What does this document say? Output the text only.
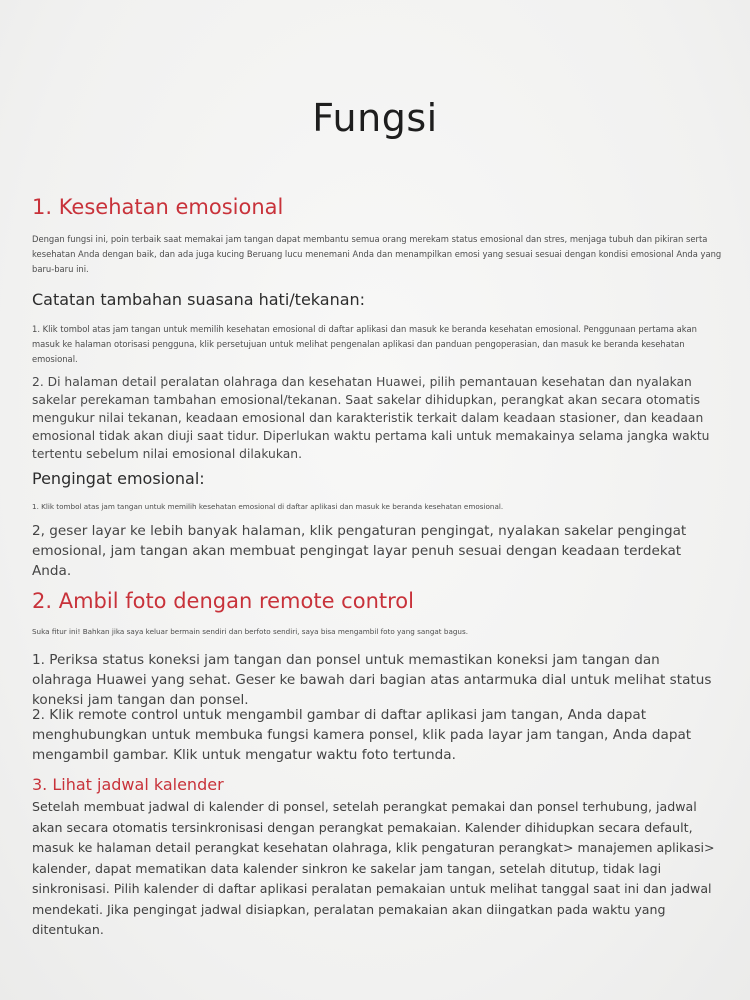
Fungsi
1. Kesehatan emosional

Dengan fungsi ini, poin terbaik saat memakai jam tangan dapat membantu semua orang merekam status emosional dan stres, menjaga tubuh dan pikiran serta kesehatan Anda dengan baik, dan ada juga kucing Beruang lucu menemani Anda dan menampilkan emosi yang sesuai sesuai dengan kondisi emosional Anda yang baru-baru ini.

Catatan tambahan suasana hati/tekanan:

1. Klik tombol atas jam tangan untuk memilih kesehatan emosional di daftar aplikasi dan masuk ke beranda kesehatan emosional. Penggunaan pertama akan masuk ke halaman otorisasi pengguna, klik persetujuan untuk melihat pengenalan aplikasi dan panduan pengoperasian, dan masuk ke beranda kesehatan emosional.

2. Di halaman detail peralatan olahraga dan kesehatan Huawei, pilih pemantauan kesehatan dan nyalakan sakelar perekaman tambahan emosional/tekanan. Saat sakelar dihidupkan, perangkat akan secara otomatis mengukur nilai tekanan, keadaan emosional dan karakteristik terkait dalam keadaan stasioner, dan keadaan emosional tidak akan diuji saat tidur. Diperlukan waktu pertama kali untuk memakainya selama jangka waktu tertentu sebelum nilai emosional dilakukan.

Pengingat emosional:

1. Klik tombol atas jam tangan untuk memilih kesehatan emosional di daftar aplikasi dan masuk ke beranda kesehatan emosional.

2, geser layar ke lebih banyak halaman, klik pengaturan pengingat, nyalakan sakelar pengingat emosional, jam tangan akan membuat pengingat layar penuh sesuai dengan keadaan terdekat Anda.

2. Ambil foto dengan remote control

Suka fitur ini! Bahkan jika saya keluar bermain sendiri dan berfoto sendiri, saya bisa mengambil foto yang sangat bagus.

1. Periksa status koneksi jam tangan dan ponsel untuk memastikan koneksi jam tangan dan olahraga Huawei yang sehat. Geser ke bawah dari bagian atas antarmuka dial untuk melihat status koneksi jam tangan dan ponsel.

2. Klik remote control untuk mengambil gambar di daftar aplikasi jam tangan, Anda dapat menghubungkan untuk membuka fungsi kamera ponsel, klik pada layar jam tangan, Anda dapat mengambil gambar. Klik untuk mengatur waktu foto tertunda.

3. Lihat jadwal kalender

Setelah membuat jadwal di kalender di ponsel, setelah perangkat pemakai dan ponsel terhubung, jadwal akan secara otomatis tersinkronisasi dengan perangkat pemakaian. Kalender dihidupkan secara default, masuk ke halaman detail perangkat kesehatan olahraga, klik pengaturan perangkat> manajemen aplikasi> kalender, dapat mematikan data kalender sinkron ke sakelar jam tangan, setelah ditutup, tidak lagi sinkronisasi. Pilih kalender di daftar aplikasi peralatan pemakaian untuk melihat tanggal saat ini dan jadwal mendekati. Jika pengingat jadwal disiapkan, peralatan pemakaian akan diingatkan pada waktu yang ditentukan.
